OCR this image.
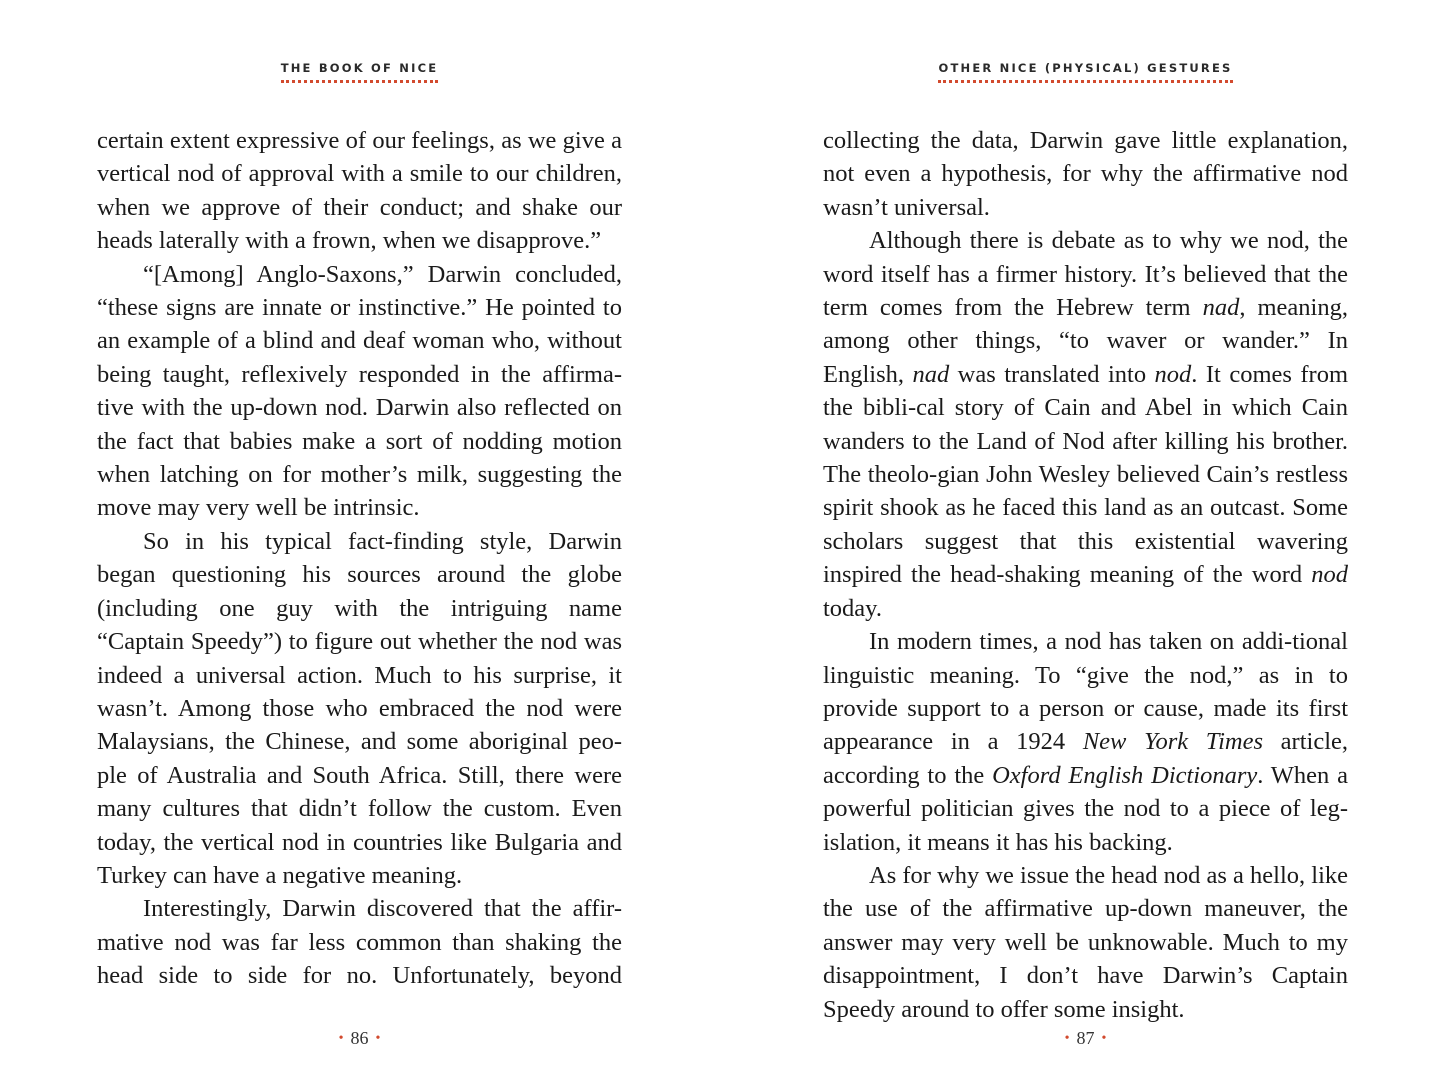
THE BOOK OF NICE

certain extent expressive of our feelings, as we give a vertical nod of approval with a smile to our children, when we approve of their conduct; and shake our heads laterally with a frown, when we disapprove.”

“[Among] Anglo-Saxons,” Darwin concluded, “these signs are innate or instinctive.” He pointed to an example of a blind and deaf woman who, without being taught, reflexively responded in the affirma-tive with the up-down nod. Darwin also reflected on the fact that babies make a sort of nodding motion when latching on for mother’s milk, suggesting the move may very well be intrinsic.

So in his typical fact-finding style, Darwin began questioning his sources around the globe (including one guy with the intriguing name “Captain Speedy”) to figure out whether the nod was indeed a universal action. Much to his surprise, it wasn’t. Among those who embraced the nod were Malaysians, the Chinese, and some aboriginal peo-ple of Australia and South Africa. Still, there were many cultures that didn’t follow the custom. Even today, the vertical nod in countries like Bulgaria and Turkey can have a negative meaning.

Interestingly, Darwin discovered that the affir-mative nod was far less common than shaking the head side to side for no. Unfortunately, beyond

• 86 •
OTHER NICE (PHYSICAL) GESTURES

collecting the data, Darwin gave little explanation, not even a hypothesis, for why the affirmative nod wasn’t universal.

Although there is debate as to why we nod, the word itself has a firmer history. It’s believed that the term comes from the Hebrew term nad, meaning, among other things, “to waver or wander.” In English, nad was translated into nod. It comes from the bibli-cal story of Cain and Abel in which Cain wanders to the Land of Nod after killing his brother. The theolo-gian John Wesley believed Cain’s restless spirit shook as he faced this land as an outcast. Some scholars suggest that this existential wavering inspired the head-shaking meaning of the word nod today.

In modern times, a nod has taken on addi-tional linguistic meaning. To “give the nod,” as in to provide support to a person or cause, made its first appearance in a 1924 New York Times article, according to the Oxford English Dictionary. When a powerful politician gives the nod to a piece of leg-islation, it means it has his backing.

As for why we issue the head nod as a hello, like the use of the affirmative up-down maneuver, the answer may very well be unknowable. Much to my disappointment, I don’t have Darwin’s Captain Speedy around to offer some insight.

• 87 •
